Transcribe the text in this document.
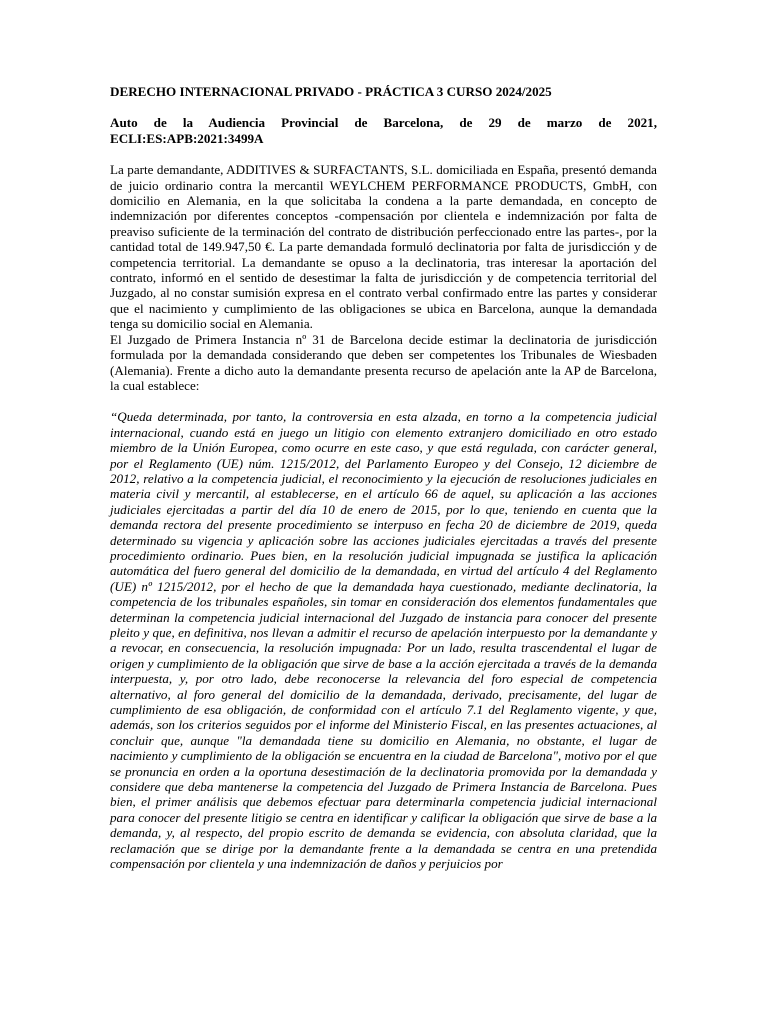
DERECHO INTERNACIONAL PRIVADO - PRÁCTICA 3 CURSO 2024/2025

Auto de la Audiencia Provincial de Barcelona, de 29 de marzo de 2021, ECLI:ES:APB:2021:3499A

La parte demandante, ADDITIVES & SURFACTANTS, S.L. domiciliada en España, presentó demanda de juicio ordinario contra la mercantil WEYLCHEM PERFORMANCE PRODUCTS, GmbH, con domicilio en Alemania, en la que solicitaba la condena a la parte demandada, en concepto de indemnización por diferentes conceptos -compensación por clientela e indemnización por falta de preaviso suficiente de la terminación del contrato de distribución perfeccionado entre las partes-, por la cantidad total de 149.947,50 €. La parte demandada formuló declinatoria por falta de jurisdicción y de competencia territorial. La demandante se opuso a la declinatoria, tras interesar la aportación del contrato, informó en el sentido de desestimar la falta de jurisdicción y de competencia territorial del Juzgado, al no constar sumisión expresa en el contrato verbal confirmado entre las partes y considerar que el nacimiento y cumplimiento de las obligaciones se ubica en Barcelona, aunque la demandada tenga su domicilio social en Alemania.

El Juzgado de Primera Instancia nº 31 de Barcelona decide estimar la declinatoria de jurisdicción formulada por la demandada considerando que deben ser competentes los Tribunales de Wiesbaden (Alemania). Frente a dicho auto la demandante presenta recurso de apelación ante la AP de Barcelona, la cual establece:

“Queda determinada, por tanto, la controversia en esta alzada, en torno a la competencia judicial internacional, cuando está en juego un litigio con elemento extranjero domiciliado en otro estado miembro de la Unión Europea, como ocurre en este caso, y que está regulada, con carácter general, por el Reglamento (UE) núm. 1215/2012, del Parlamento Europeo y del Consejo, 12 diciembre de 2012, relativo a la competencia judicial, el reconocimiento y la ejecución de resoluciones judiciales en materia civil y mercantil, al establecerse, en el artículo 66 de aquel, su aplicación a las acciones judiciales ejercitadas a partir del día 10 de enero de 2015, por lo que, teniendo en cuenta que la demanda rectora del presente procedimiento se interpuso en fecha 20 de diciembre de 2019, queda determinado su vigencia y aplicación sobre las acciones judiciales ejercitadas a través del presente procedimiento ordinario. Pues bien, en la resolución judicial impugnada se justifica la aplicación automática del fuero general del domicilio de la demandada, en virtud del artículo 4 del Reglamento (UE) nº 1215/2012, por el hecho de que la demandada haya cuestionado, mediante declinatoria, la competencia de los tribunales españoles, sin tomar en consideración dos elementos fundamentales que determinan la competencia judicial internacional del Juzgado de instancia para conocer del presente pleito y que, en definitiva, nos llevan a admitir el recurso de apelación interpuesto por la demandante y a revocar, en consecuencia, la resolución impugnada: Por un lado, resulta trascendental el lugar de origen y cumplimiento de la obligación que sirve de base a la acción ejercitada a través de la demanda interpuesta, y, por otro lado, debe reconocerse la relevancia del foro especial de competencia alternativo, al foro general del domicilio de la demandada, derivado, precisamente, del lugar de cumplimiento de esa obligación, de conformidad con el artículo 7.1 del Reglamento vigente, y que, además, son los criterios seguidos por el informe del Ministerio Fiscal, en las presentes actuaciones, al concluir que, aunque "la demandada tiene su domicilio en Alemania, no obstante, el lugar de nacimiento y cumplimiento de la obligación se encuentra en la ciudad de Barcelona", motivo por el que se pronuncia en orden a la oportuna desestimación de la declinatoria promovida por la demandada y considere que deba mantenerse la competencia del Juzgado de Primera Instancia de Barcelona. Pues bien, el primer análisis que debemos efectuar para determinarla competencia judicial internacional para conocer del presente litigio se centra en identificar y calificar la obligación que sirve de base a la demanda, y, al respecto, del propio escrito de demanda se evidencia, con absoluta claridad, que la reclamación que se dirige por la demandante frente a la demandada se centra en una pretendida compensación por clientela y una indemnización de daños y perjuicios por
